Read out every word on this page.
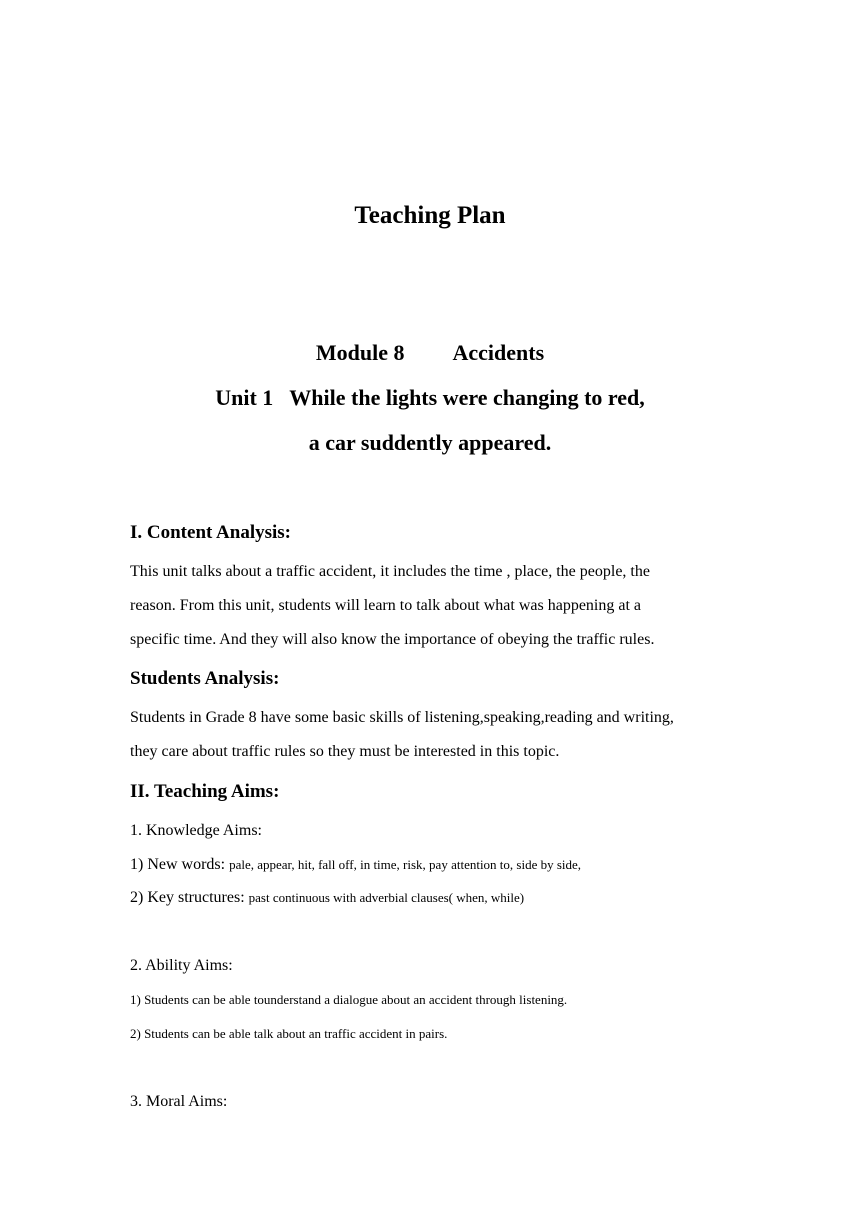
Teaching Plan
Module 8 Accidents
Unit 1 While the lights were changing to red,
a car suddently appeared.
I. Content Analysis:
This unit talks about a traffic accident, it includes the time , place, the people, the
reason. From this unit, students will learn to talk about what was happening at a
specific time. And they will also know the importance of obeying the traffic rules.
Students Analysis:
Students in Grade 8 have some basic skills of listening,speaking,reading and writing,
they care about traffic rules so they must be interested in this topic.
II. Teaching Aims:
1. Knowledge Aims:
1) New words: pale, appear, hit, fall off, in time, risk, pay attention to, side by side,
2) Key structures: past continuous with adverbial clauses( when, while)
2. Ability Aims:
1) Students can be able tounderstand a dialogue about an accident through listening.
2) Students can be able talk about an traffic accident in pairs.
3. Moral Aims:
